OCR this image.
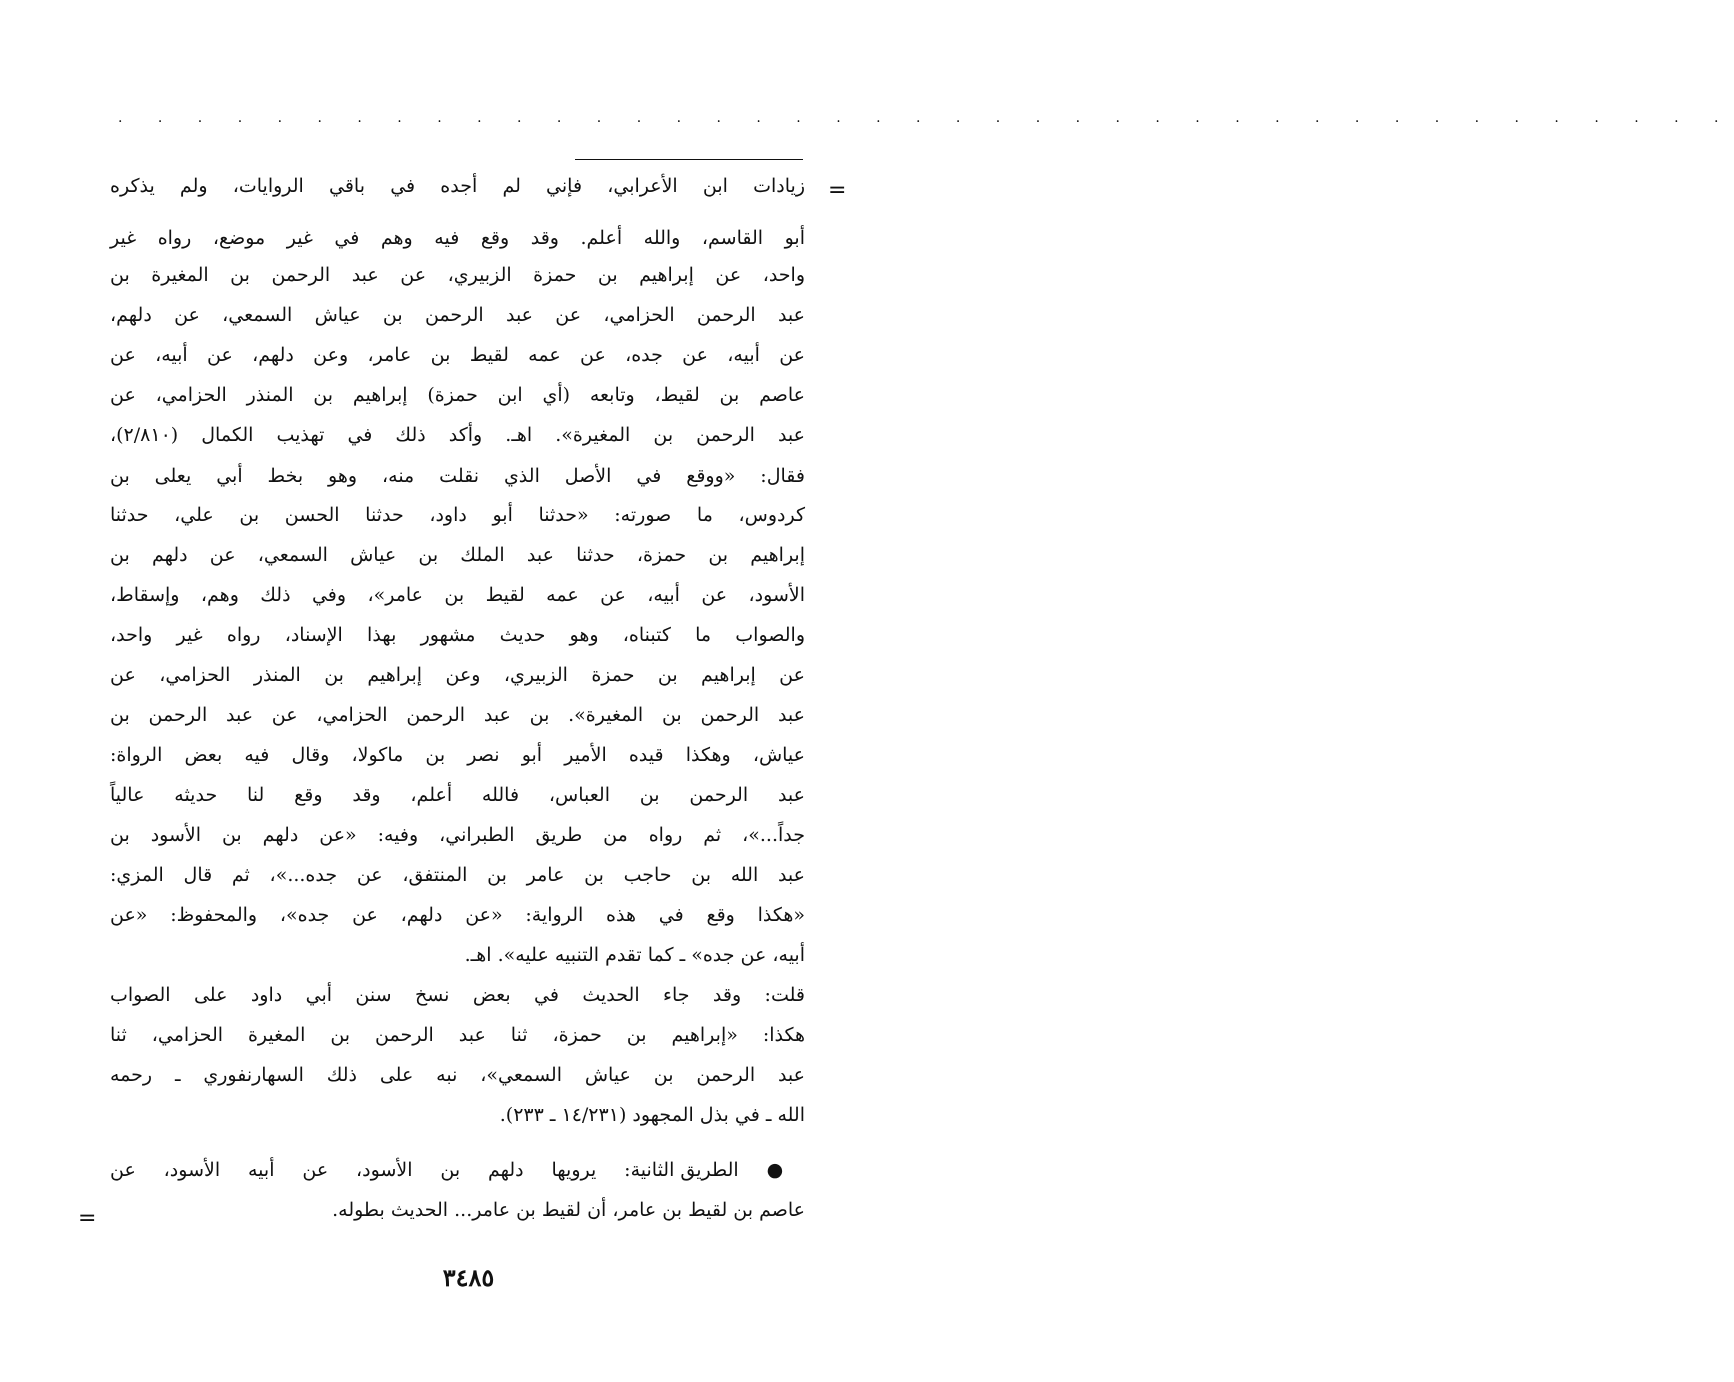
. . . . . . . . . . . . . . . . . . . . . . . . . . . . . . . . . . . . . . . . .
=
زيادات ابن الأعرابي، فإني لم أجده في باقي الروايات، ولم يذكره
أبو القاسم، والله أعلم. وقد وقع فيه وهم في غير موضع، رواه غير
واحد، عن إبراهيم بن حمزة الزبيري، عن عبد الرحمن بن المغيرة بن
عبد الرحمن الحزامي، عن عبد الرحمن بن عياش السمعي، عن دلهم،
عن أبيه، عن جده، عن عمه لقيط بن عامر، وعن دلهم، عن أبيه، عن
عاصم بن لقيط، وتابعه (أي ابن حمزة) إبراهيم بن المنذر الحزامي، عن
عبد الرحمن بن المغيرة». اهـ. وأكد ذلك في تهذيب الكمال (٢/٨١٠)،
فقال: «ووقع في الأصل الذي نقلت منه، وهو بخط أبي يعلى بن
كردوس، ما صورته: «حدثنا أبو داود، حدثنا الحسن بن علي، حدثنا
إبراهيم بن حمزة، حدثنا عبد الملك بن عياش السمعي، عن دلهم بن
الأسود، عن أبيه، عن عمه لقيط بن عامر»، وفي ذلك وهم، وإسقاط،
والصواب ما كتبناه، وهو حديث مشهور بهذا الإسناد، رواه غير واحد،
عن إبراهيم بن حمزة الزبيري، وعن إبراهيم بن المنذر الحزامي، عن
عبد الرحمن بن المغيرة». بن عبد الرحمن الحزامي، عن عبد الرحمن بن
عياش، وهكذا قيده الأمير أبو نصر بن ماكولا، وقال فيه بعض الرواة:
عبد الرحمن بن العباس، فالله أعلم، وقد وقع لنا حديثه عالياً
جداً...»، ثم رواه من طريق الطبراني، وفيه: «عن دلهم بن الأسود بن
عبد الله بن حاجب بن عامر بن المنتفق، عن جده...»، ثم قال المزي:
«هكذا وقع في هذه الرواية: «عن دلهم، عن جده»، والمحفوظ: «عن
أبيه، عن جده» ـ كما تقدم التنبيه عليه». اهـ.
قلت: وقد جاء الحديث في بعض نسخ سنن أبي داود على الصواب
هكذا: «إبراهيم بن حمزة، ثنا عبد الرحمن بن المغيرة الحزامي، ثنا
عبد الرحمن بن عياش السمعي»، نبه على ذلك السهارنفوري ـ رحمه
الله ـ في بذل المجهود (١٤/٢٣١ ـ ٢٣٣).
● الطريق الثانية: يرويها دلهم بن الأسود، عن أبيه الأسود، عن
عاصم بن لقيط بن عامر، أن لقيط بن عامر... الحديث بطوله.
=
٣٤٨٥
